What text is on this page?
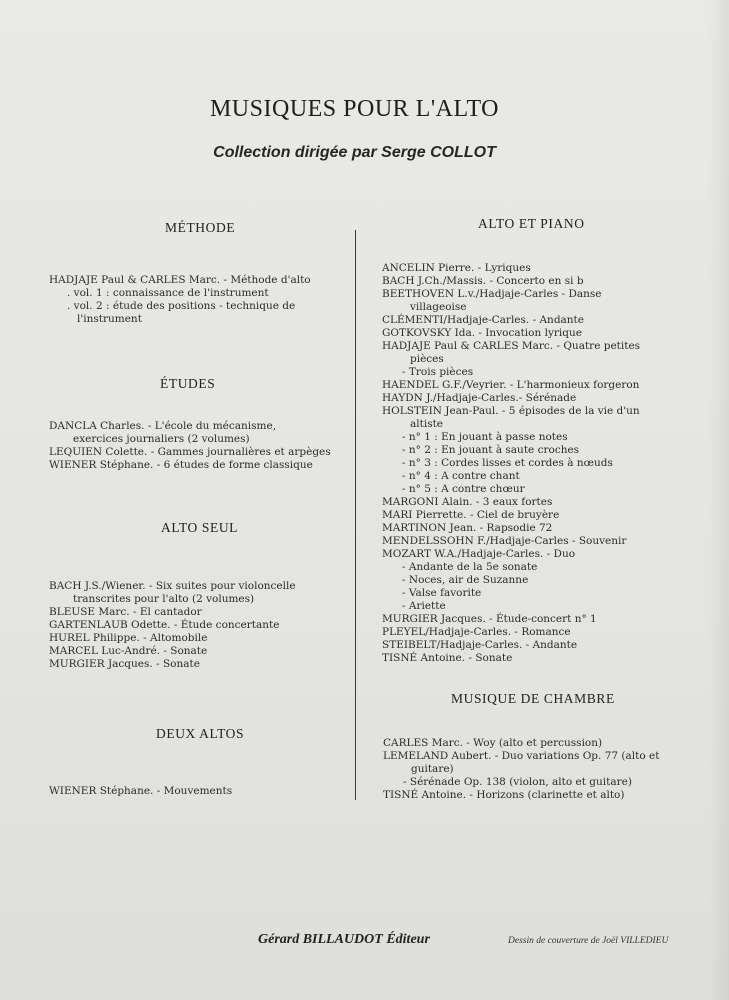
MUSIQUES POUR L'ALTO
Collection dirigée par Serge COLLOT
MÉTHODE
HADJAJE Paul & CARLES Marc. - Méthode d'alto
. vol. 1 : connaissance de l'instrument
. vol. 2 : étude des positions - technique de
l'instrument
ÉTUDES
DANCLA Charles. - L'école du mécanisme,
exercices journaliers (2 volumes)
LEQUIEN Colette. - Gammes journalières et arpèges
WIENER Stéphane. - 6 études de forme classique
ALTO SEUL
BACH J.S./Wiener. - Six suites pour violoncelle
transcrites pour l'alto (2 volumes)
BLEUSE Marc. - El cantador
GARTENLAUB Odette. - Étude concertante
HUREL Philippe. - Altomobile
MARCEL Luc-André. - Sonate
MURGIER Jacques. - Sonate
DEUX ALTOS
WIENER Stéphane. - Mouvements
ALTO ET PIANO
ANCELIN Pierre. - Lyriques
BACH J.Ch./Massis. - Concerto en si b
BEETHOVEN L.v./Hadjaje-Carles - Danse
villageoise
CLÉMENTI/Hadjaje-Carles. - Andante
GOTKOVSKY Ida. - Invocation lyrique
HADJAJE Paul & CARLES Marc. - Quatre petites
pièces
- Trois pièces
HAENDEL G.F./Veyrier. - L'harmonieux forgeron
HAYDN J./Hadjaje-Carles.- Sérénade
HOLSTEIN Jean-Paul. - 5 épisodes de la vie d'un
altiste
- n° 1 : En jouant à passe notes
- n° 2 : En jouant à saute croches
- n° 3 : Cordes lisses et cordes à nœuds
- n° 4 : A contre chant
- n° 5 : A contre chœur
MARGONI Alain. - 3 eaux fortes
MARI Pierrette. - Ciel de bruyère
MARTINON Jean. - Rapsodie 72
MENDELSSOHN F./Hadjaje-Carles - Souvenir
MOZART W.A./Hadjaje-Carles. - Duo
- Andante de la 5e sonate
- Noces, air de Suzanne
- Valse favorite
- Ariette
MURGIER Jacques. - Étude-concert n° 1
PLEYEL/Hadjaje-Carles. - Romance
STEIBELT/Hadjaje-Carles. - Andante
TISNÉ Antoine. - Sonate
MUSIQUE DE CHAMBRE
CARLES Marc. - Woy (alto et percussion)
LEMELAND Aubert. - Duo variations Op. 77 (alto et
guitare)
- Sérénade Op. 138 (violon, alto et guitare)
TISNÉ Antoine. - Horizons (clarinette et alto)
Gérard BILLAUDOT Éditeur	Dessin de couverture de Joël VILLEDIEU
